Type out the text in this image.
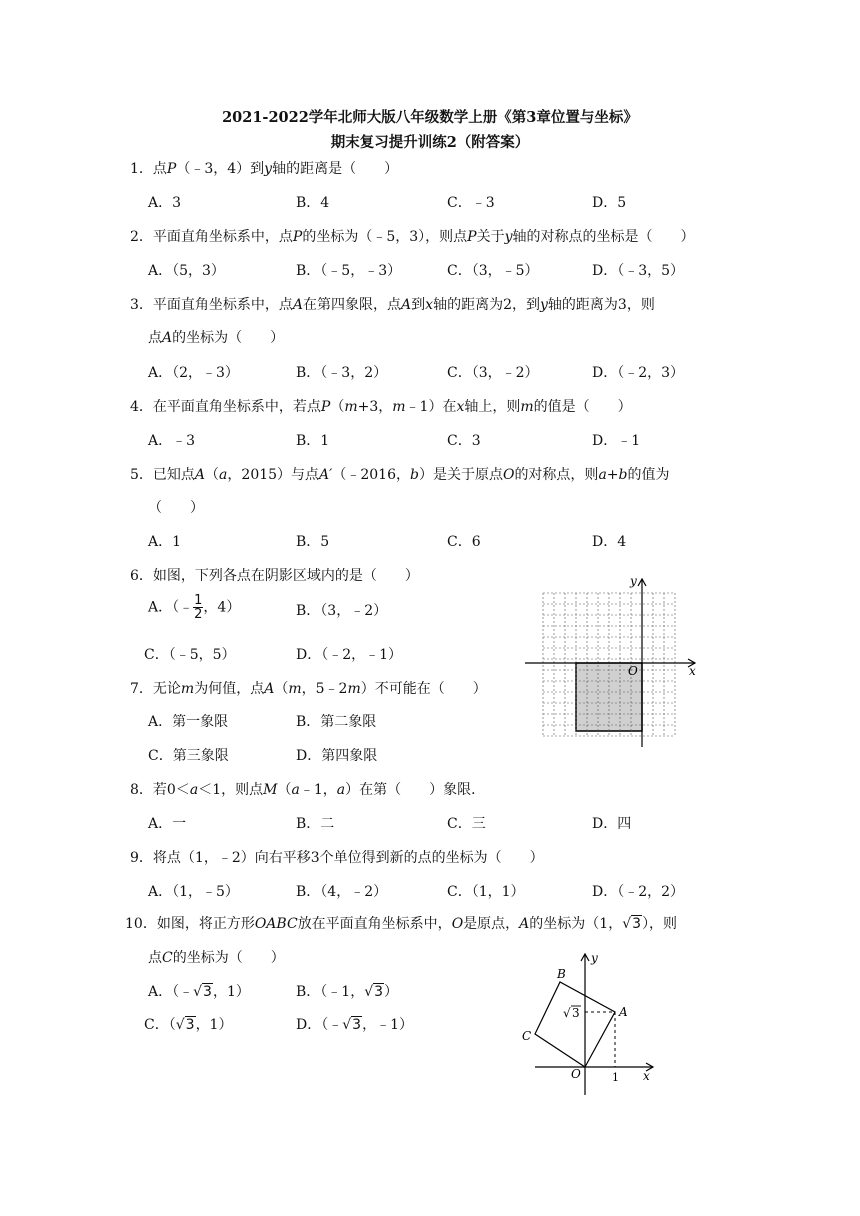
2021-2022学年北师大版八年级数学上册《第3章位置与坐标》
期末复习提升训练2（附答案）
1．点P（﹣3，4）到y轴的距离是（　　）
A．3	B．4	C．﹣3	D．5
2．平面直角坐标系中，点P的坐标为（﹣5，3），则点P关于y轴的对称点的坐标是（　　）
A．（5，3）	B．（﹣5，﹣3）	C．（3，﹣5）	D．（﹣3，5）
3．平面直角坐标系中，点A在第四象限，点A到x轴的距离为2，到y轴的距离为3，则
点A的坐标为（　　）
A．（2，﹣3）	B．（﹣3，2）	C．（3，﹣2）	D．（﹣2，3）
4．在平面直角坐标系中，若点P（m+3，m﹣1）在x轴上，则m的值是（　　）
A．﹣3	B．1	C．3	D．﹣1
5．已知点A（a，2015）与点A′（﹣2016，b）是关于原点O的对称点，则a+b的值为
（　　）
A．1	B．5	C．6	D．4
6．如图，下列各点在阴影区域内的是（　　）
A．（﹣ $\frac{1}{2}$ ，4）	B．（3，﹣2）
C．（﹣5，5）	D．（﹣2，﹣1）
x
y
O
7．无论m为何值，点A（m，5﹣2m）不可能在（　　）
A．第一象限	B．第二象限
C．第三象限	D．第四象限
8．若0＜a＜1，则点M（a﹣1，a）在第（　　）象限．
A．一	B．二	C．三	D．四
9．将点（1，﹣2）向右平移3个单位得到新的点的坐标为（　　）
A．（1，﹣5）	B．（4，﹣2）	C．（1，1）	D．（﹣2，2）
10．如图，将正方形OABC放在平面直角坐标系中，O是原点，A的坐标为（1，√3），则
点C的坐标为（　　）
A．（﹣√3，1）	B．（﹣1，√3）
C．（√3，1）	D．（﹣√3，﹣1）
x
y
O
A
B
C
1
√ 3
